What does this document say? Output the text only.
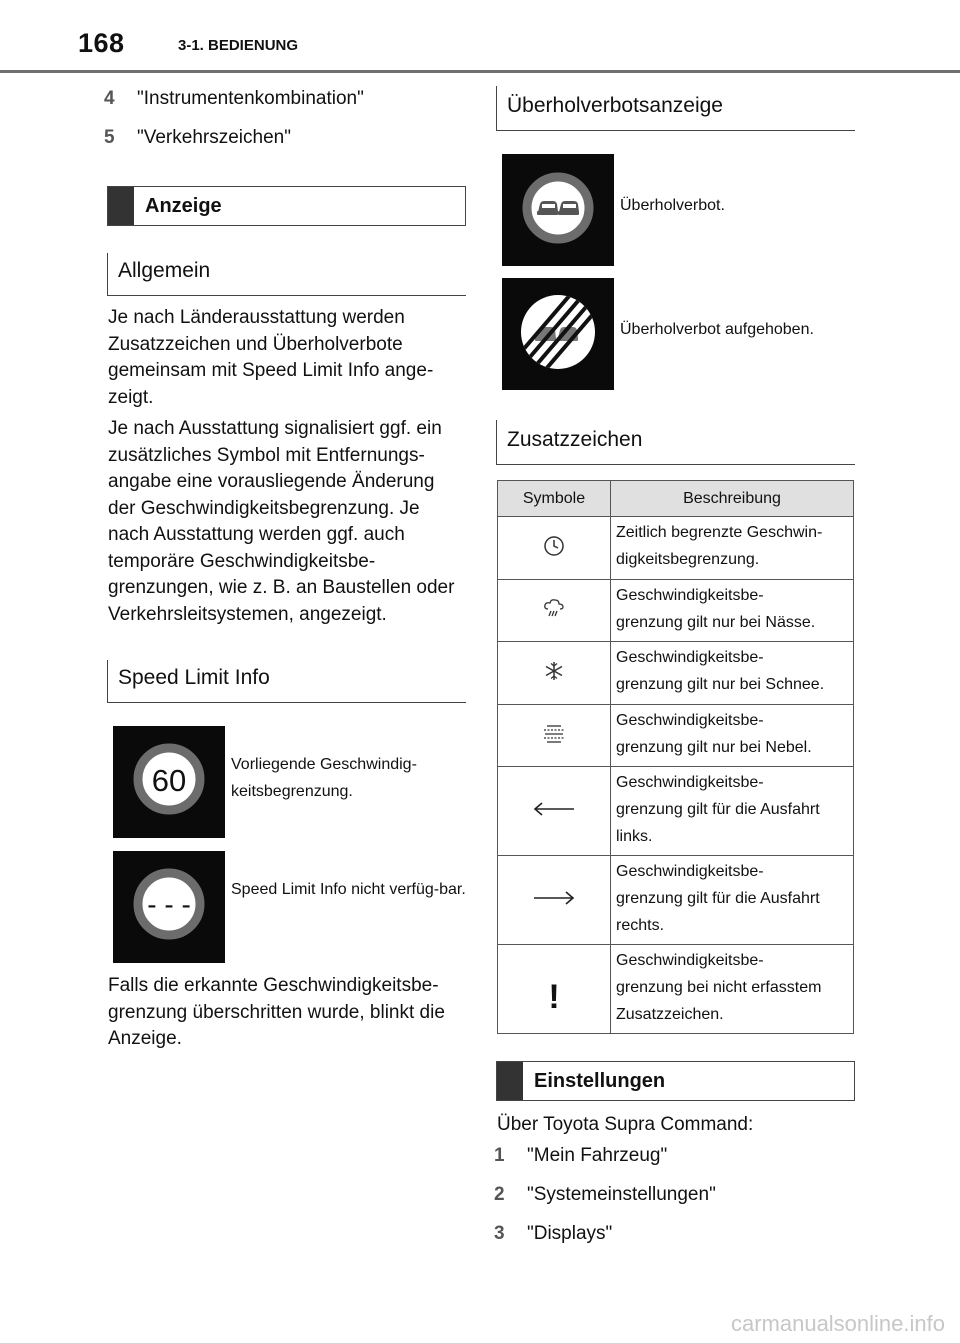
168	3-1. BEDIENUNG
4 "Instrumentenkombination"
5 "Verkehrszeichen"
Anzeige
Allgemein
Je nach Länderausstattung werden Zusatzzeichen und Überholverbote gemeinsam mit Speed Limit Info ange-zeigt.
Je nach Ausstattung signalisiert ggf. ein zusätzliches Symbol mit Entfernungs-angabe eine vorausliegende Änderung der Geschwindigkeitsbegrenzung. Je nach Ausstattung werden ggf. auch temporäre Geschwindigkeitsbe-grenzungen, wie z. B. an Baustellen oder Verkehrsleitsystemen, angezeigt.
Speed Limit Info
60	Vorliegende Geschwindig-keitsbegrenzung.
- - -	Speed Limit Info nicht verfüg-bar.
Falls die erkannte Geschwindigkeitsbe-grenzung überschritten wurde, blinkt die Anzeige.
Überholverbotsanzeige
Überholverbot.
Überholverbot aufgehoben.
Zusatzzeichen
Symbole	Beschreibung

Zeitlich begrenzte Geschwin-
digkeitsbegrenzung.

Geschwindigkeitsbe-
grenzung gilt nur bei Nässe.

Geschwindigkeitsbe-
grenzung gilt nur bei Schnee.

Geschwindigkeitsbe-
grenzung gilt nur bei Nebel.

Geschwindigkeitsbe-
grenzung gilt für die Ausfahrt
links.

Geschwindigkeitsbe-
grenzung gilt für die Ausfahrt
rechts.

!	Geschwindigkeitsbe-
grenzung bei nicht erfasstem
Zusatzzeichen.
Einstellungen
Über Toyota Supra Command:
1 "Mein Fahrzeug"
2 "Systemeinstellungen"
3 "Displays"
carmanualsonline.info
